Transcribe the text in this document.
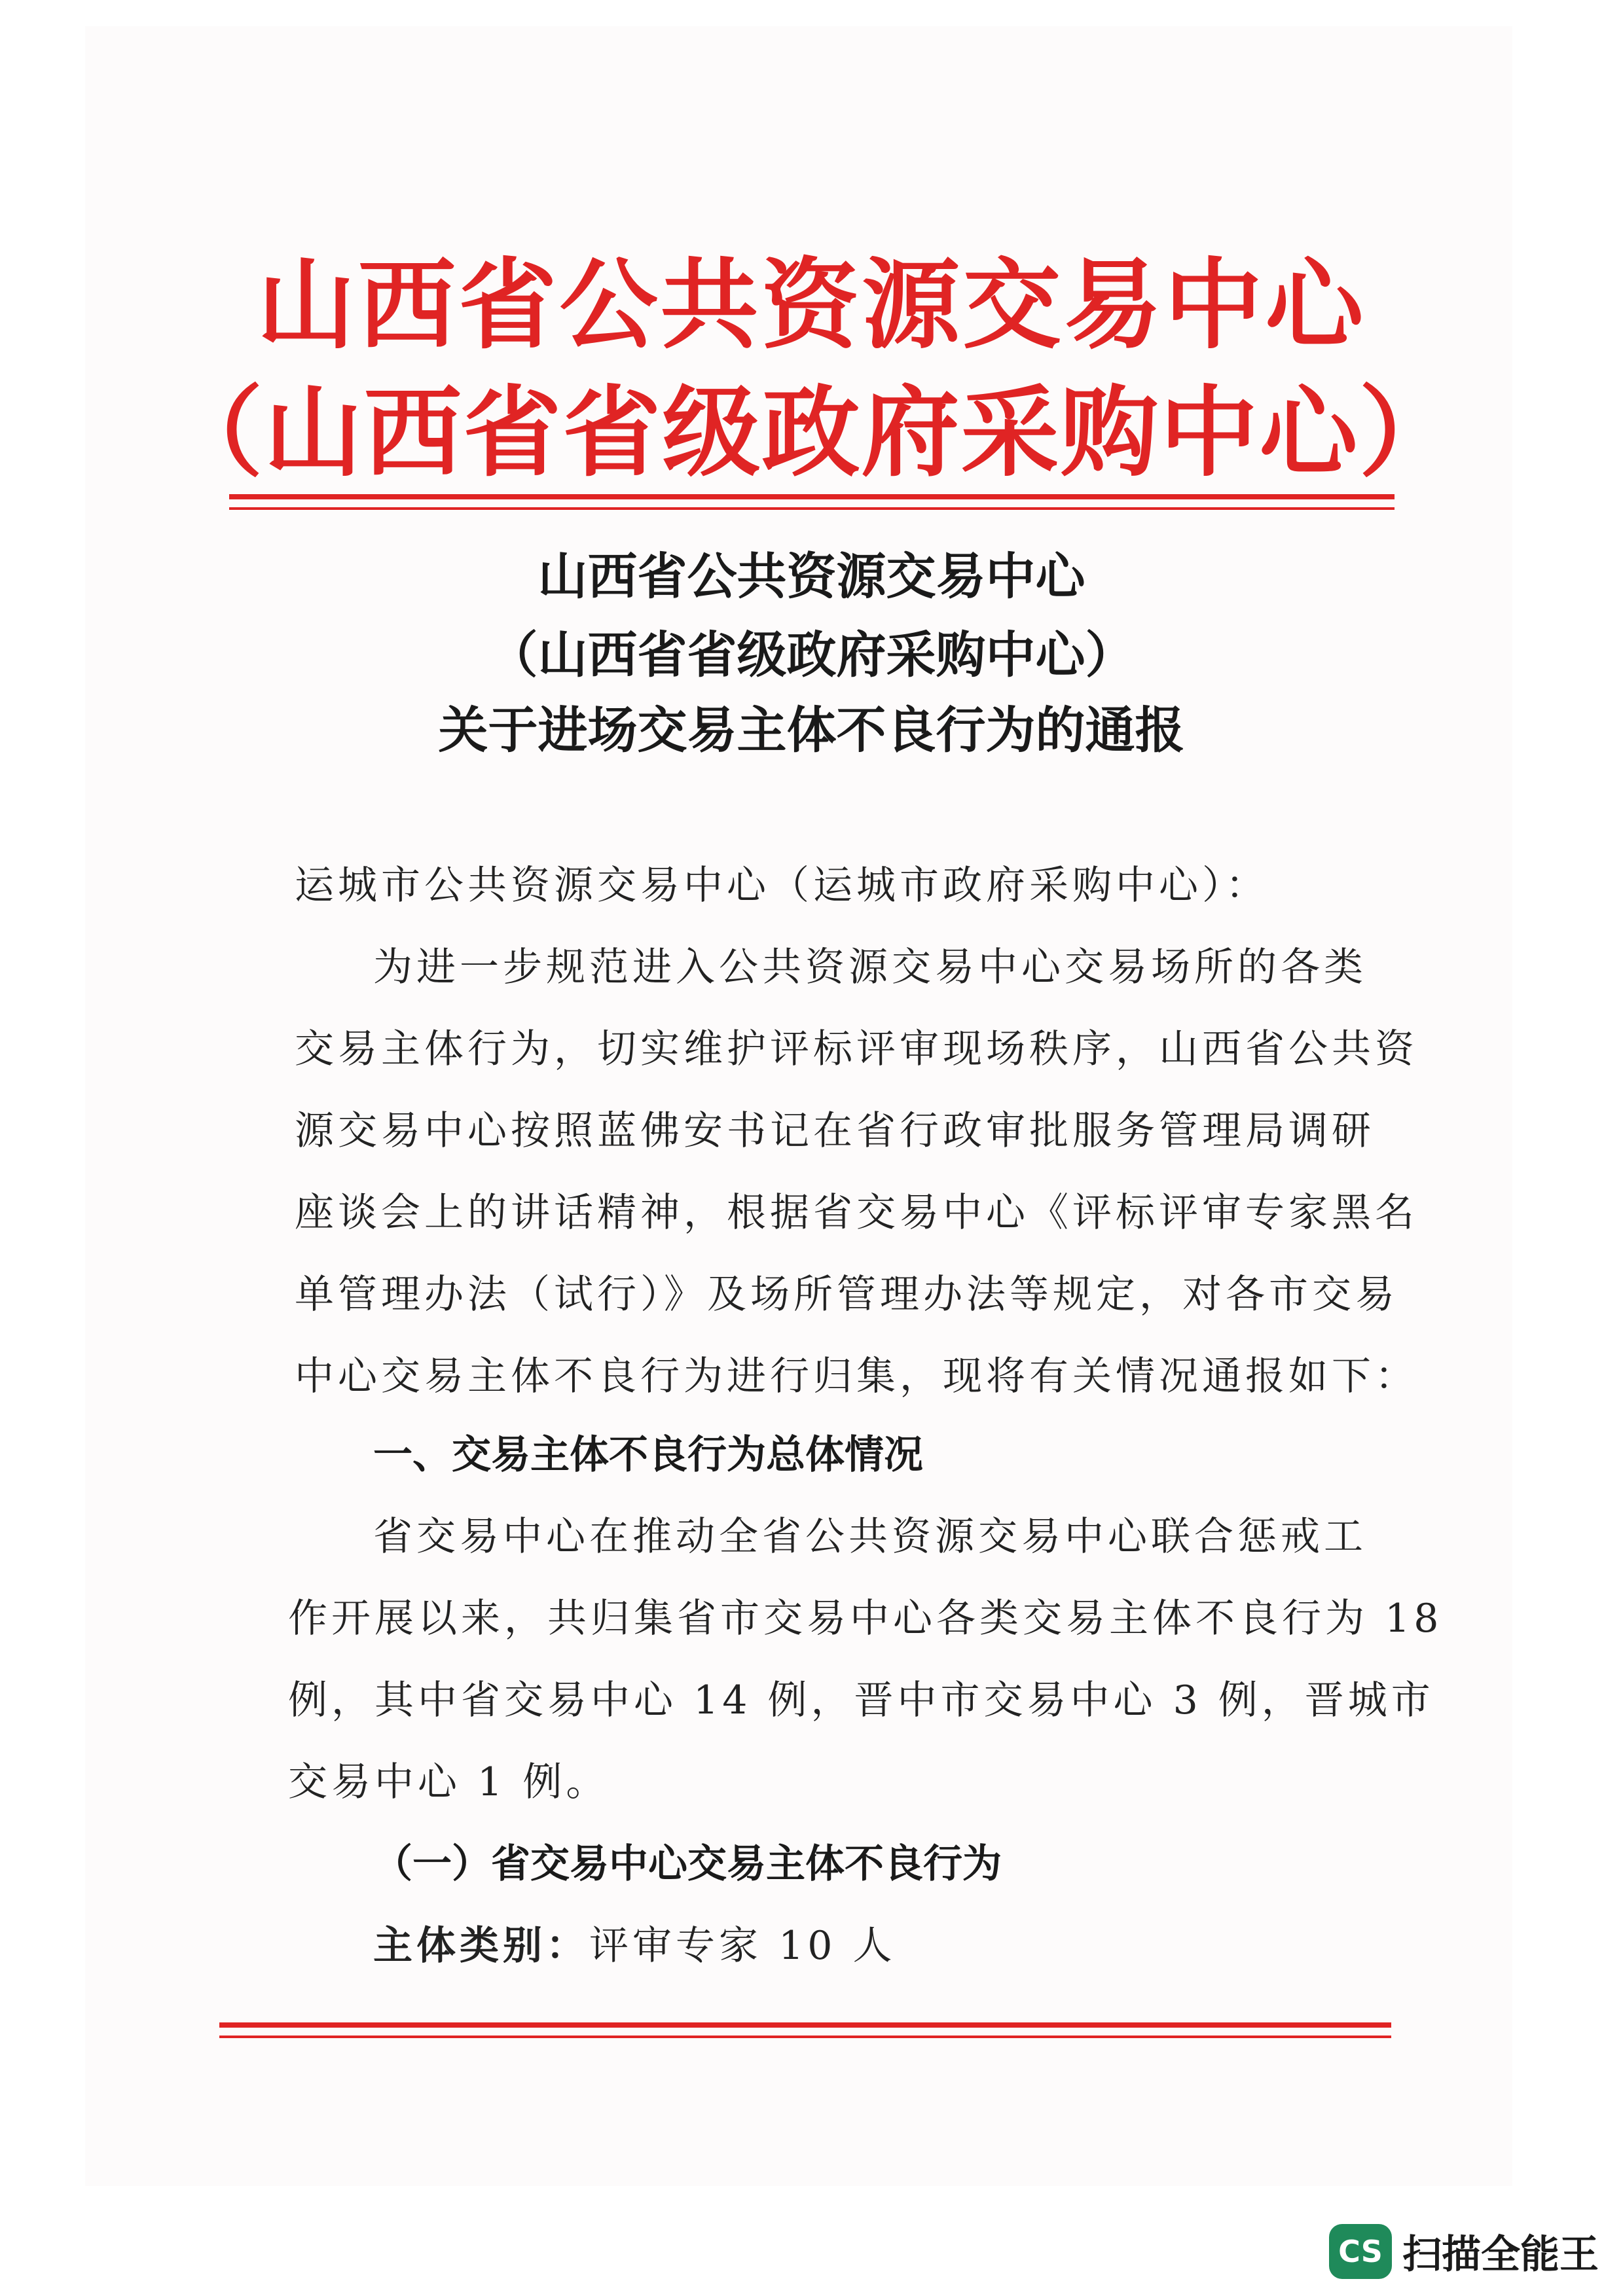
山西省公共资源交易中心
（山西省省级政府采购中心）
山西省公共资源交易中心
（山西省省级政府采购中心）
关于进场交易主体不良行为的通报
运城市公共资源交易中心（运城市政府采购中心）：
为进一步规范进入公共资源交易中心交易场所的各类
交易主体行为，切实维护评标评审现场秩序，山西省公共资
源交易中心按照蓝佛安书记在省行政审批服务管理局调研
座谈会上的讲话精神，根据省交易中心《评标评审专家黑名
单管理办法（试行）》及场所管理办法等规定，对各市交易
中心交易主体不良行为进行归集，现将有关情况通报如下：
一、交易主体不良行为总体情况
省交易中心在推动全省公共资源交易中心联合惩戒工
作开展以来，共归集省市交易中心各类交易主体不良行为 18
例，其中省交易中心 14 例，晋中市交易中心 3 例，晋城市
交易中心 1 例。
（一）省交易中心交易主体不良行为
主体类别：评审专家 10 人
CS 扫描全能王
